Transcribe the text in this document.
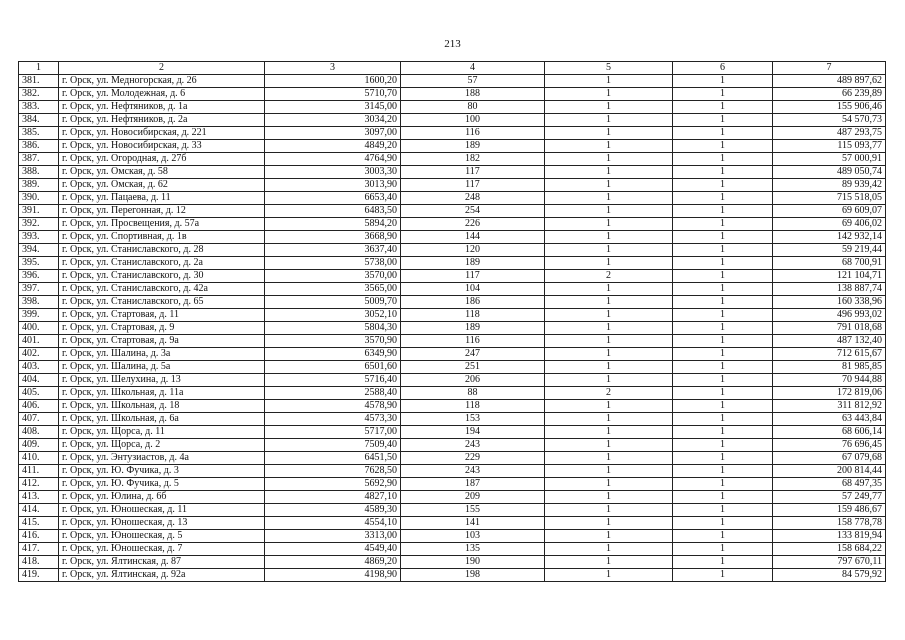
213
1	2	3	4	5	6	7
381.	г. Орск, ул. Медногорская, д. 26	1600,20	57	1	1	489 897,62
382.	г. Орск, ул. Молодежная, д. 6	5710,70	188	1	1	66 239,89
383.	г. Орск, ул. Нефтяников, д. 1а	3145,00	80	1	1	155 906,46
384.	г. Орск, ул. Нефтяников, д. 2а	3034,20	100	1	1	54 570,73
385.	г. Орск, ул. Новосибирская, д. 221	3097,00	116	1	1	487 293,75
386.	г. Орск, ул. Новосибирская, д. 33	4849,20	189	1	1	115 093,77
387.	г. Орск, ул. Огородная, д. 27б	4764,90	182	1	1	57 000,91
388.	г. Орск, ул. Омская, д. 58	3003,30	117	1	1	489 050,74
389.	г. Орск, ул. Омская, д. 62	3013,90	117	1	1	89 939,42
390.	г. Орск, ул. Пацаева, д. 11	6653,40	248	1	1	715 518,05
391.	г. Орск, ул. Перегонная, д. 12	6483,50	254	1	1	69 609,07
392.	г. Орск, ул. Просвещения, д. 57а	5894,20	226	1	1	69 406,02
393.	г. Орск, ул. Спортивная, д. 1в	3668,90	144	1	1	142 932,14
394.	г. Орск, ул. Станиславского, д. 28	3637,40	120	1	1	59 219,44
395.	г. Орск, ул. Станиславского, д. 2а	5738,00	189	1	1	68 700,91
396.	г. Орск, ул. Станиславского, д. 30	3570,00	117	2	1	121 104,71
397.	г. Орск, ул. Станиславского, д. 42а	3565,00	104	1	1	138 887,74
398.	г. Орск, ул. Станиславского, д. 65	5009,70	186	1	1	160 338,96
399.	г. Орск, ул. Стартовая, д. 11	3052,10	118	1	1	496 993,02
400.	г. Орск, ул. Стартовая, д. 9	5804,30	189	1	1	791 018,68
401.	г. Орск, ул. Стартовая, д. 9а	3570,90	116	1	1	487 132,40
402.	г. Орск, ул. Шалина, д. 3а	6349,90	247	1	1	712 615,67
403.	г. Орск, ул. Шалина, д. 5а	6501,60	251	1	1	81 985,85
404.	г. Орск, ул. Шелухина, д. 13	5716,40	206	1	1	70 944,88
405.	г. Орск, ул. Школьная, д. 11а	2588,40	88	2	1	172 819,06
406.	г. Орск, ул. Школьная, д. 18	4578,90	118	1	1	311 812,92
407.	г. Орск, ул. Школьная, д. 6а	4573,30	153	1	1	63 443,84
408.	г. Орск, ул. Щорса, д. 11	5717,00	194	1	1	68 606,14
409.	г. Орск, ул. Щорса, д. 2	7509,40	243	1	1	76 696,45
410.	г. Орск, ул. Энтузиастов, д. 4а	6451,50	229	1	1	67 079,68
411.	г. Орск, ул. Ю. Фучика, д. 3	7628,50	243	1	1	200 814,44
412.	г. Орск, ул. Ю. Фучика, д. 5	5692,90	187	1	1	68 497,35
413.	г. Орск, ул. Юлина, д. 6б	4827,10	209	1	1	57 249,77
414.	г. Орск, ул. Юношеская, д. 11	4589,30	155	1	1	159 486,67
415.	г. Орск, ул. Юношеская, д. 13	4554,10	141	1	1	158 778,78
416.	г. Орск, ул. Юношеская, д. 5	3313,00	103	1	1	133 819,94
417.	г. Орск, ул. Юношеская, д. 7	4549,40	135	1	1	158 684,22
418.	г. Орск, ул. Ялтинская, д. 87	4869,20	190	1	1	797 670,11
419.	г. Орск, ул. Ялтинская, д. 92а	4198,90	198	1	1	84 579,92
